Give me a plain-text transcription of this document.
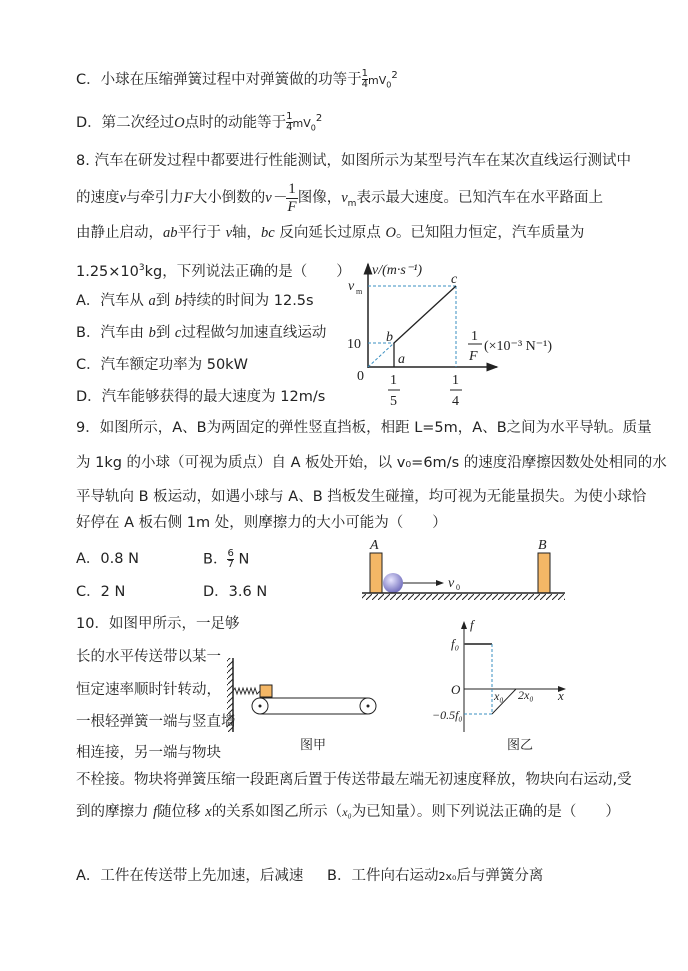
C．小球在压缩弹簧过程中对弹簧做的功等于 $\frac{1}{4} mV_0^2$
D．第二次经过O点时的动能等于 $\frac{1}{4} mV_0^2$
8. 汽车在研发过程中都要进行性能测试，如图所示为某型号汽车在某次直线运行测试中
的速度v与牵引力F大小倒数的$v- \frac{1}{F}$ 图像，$v_m$表示最大速度。已知汽车在水平路面上
由静止启动，ab平行于 v轴，bc 反向延长过原点 O。已知阻力恒定，汽车质量为
$1.25\times 10^3kg$，下列说法正确的是（　　）
A．汽车从 a到 b持续的时间为 12.5s
B．汽车由 b到 c过程做匀加速直线运动
C．汽车额定功率为 50kW
D．汽车能够获得的最大速度为 12m/s
v/(m·s⁻¹)
v m
10
0
a
b
c
1
F
(×10⁻³ N⁻¹)
1
5
1
4
v 0
A	B
图甲
f
f₀
O	x₀ 2x₀ x
−0.5f₀
图乙
9．如图所示，A、B为两固定的弹性竖直挡板，相距 L=5m，A、B之间为水平导轨。质量
为 1kg 的小球（可视为质点）自 A 板处开始，以 v₀=6m/s 的速度沿摩擦因数处处相同的水
平导轨向 B 板运动，如遇小球与 A、B 挡板发生碰撞，均可视为无能量损失。为使小球恰
好停在 A 板右侧 1m 处，则摩擦力的大小可能为（　　）
A．0.8 N	B． $\frac{6}{7}$ N
C．2 N	D．3.6 N
10．如图甲所示，一足够
长的水平传送带以某一
恒定速率顺时针转动，
一根轻弹簧一端与竖直墙
相连接，另一端与物块
不栓接。物块将弹簧压缩一段距离后置于传送带最左端无初速度释放，物块向右运动,受
到的摩擦力 f随位移 x的关系如图乙所示（x₀为已知量）。则下列说法正确的是（　　）
A．工件在传送带上先加速，后减速 B．工件向右运动2x₀后与弹簧分离
